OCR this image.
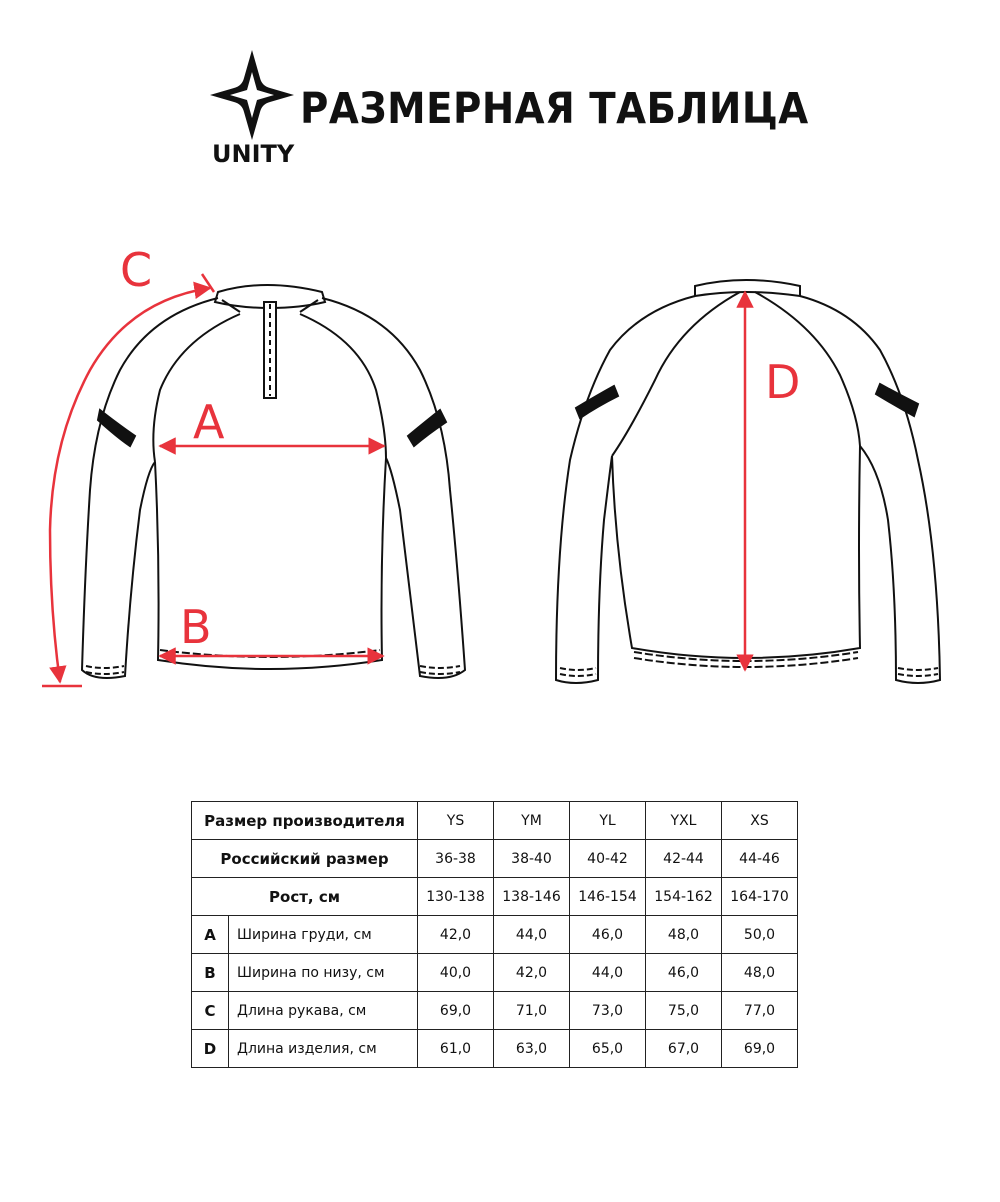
UNITY
РАЗМЕРНАЯ ТАБЛИЦА
C
A
B
D
Размер производителя		YS	YM	YL	YXL	XS
Российский размер		36-38	38-40	40-42	42-44	44-46
Рост, см		130-138	138-146	146-154	154-162	164-170
A	Ширина груди, см	42,0	44,0	46,0	48,0	50,0
B	Ширина по низу, см	40,0	42,0	44,0	46,0	48,0
C	Длина рукава, см	69,0	71,0	73,0	75,0	77,0
D	Длина изделия, см	61,0	63,0	65,0	67,0	69,0
